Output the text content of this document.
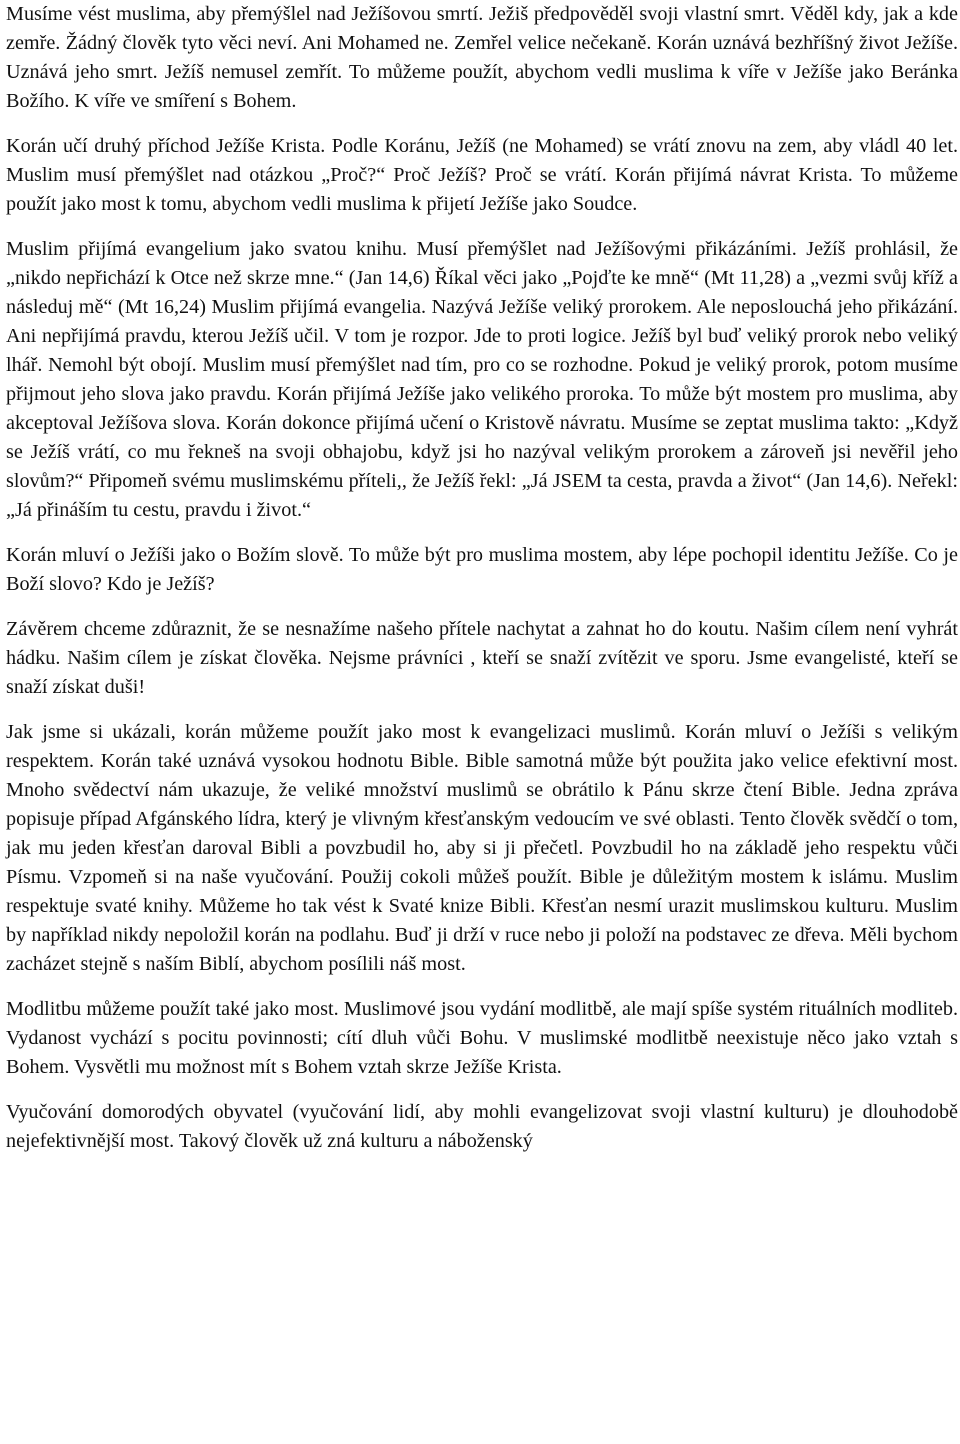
Musíme vést muslima, aby přemýšlel nad Ježíšovou smrtí. Ježiš předpověděl svoji vlastní smrt. Věděl kdy, jak a kde zemře. Žádný člověk tyto věci neví. Ani Mohamed ne. Zemřel velice nečekaně. Korán uznává bezhříšný život Ježíše. Uznává jeho smrt. Ježíš nemusel zemřít. To můžeme použít, abychom vedli muslima k víře v Ježíše jako Beránka Božího. K víře ve smíření s Bohem.

Korán učí druhý příchod Ježíše Krista. Podle Koránu, Ježíš (ne Mohamed) se vrátí znovu na zem, aby vládl 40 let. Muslim musí přemýšlet nad otázkou „Proč?“ Proč Ježíš? Proč se vrátí. Korán přijímá návrat Krista. To můžeme použít jako most k tomu, abychom vedli muslima k přijetí Ježíše jako Soudce.

Muslim přijímá evangelium jako svatou knihu. Musí přemýšlet nad Ježíšovými přikázáními. Ježíš prohlásil, že „nikdo nepřichází k Otce než skrze mne.“ (Jan 14,6) Říkal věci jako „Pojďte ke mně“ (Mt 11,28) a „vezmi svůj kříž a následuj mě“ (Mt 16,24) Muslim přijímá evangelia. Nazývá Ježíše veliký prorokem. Ale neposlouchá jeho přikázání. Ani nepřijímá pravdu, kterou Ježíš učil. V tom je rozpor. Jde to proti logice. Ježíš byl buď veliký prorok nebo veliký lhář. Nemohl být obojí. Muslim musí přemýšlet nad tím, pro co se rozhodne. Pokud je veliký prorok, potom musíme přijmout jeho slova jako pravdu. Korán přijímá Ježíše jako velikého proroka. To může být mostem pro muslima, aby akceptoval Ježíšova slova. Korán dokonce přijímá učení o Kristově návratu. Musíme se zeptat muslima takto: „Když se Ježíš vrátí, co mu řekneš na svoji obhajobu, když jsi ho nazýval velikým prorokem a zároveň jsi nevěřil jeho slovům?“ Připomeň svému muslimskému příteli,, že Ježíš řekl: „Já JSEM ta cesta, pravda a život“ (Jan 14,6). Neřekl: „Já přináším tu cestu, pravdu i život.“

Korán mluví o Ježíši jako o Božím slově. To může být pro muslima mostem, aby lépe pochopil identitu Ježíše. Co je Boží slovo? Kdo je Ježíš?

Závěrem chceme zdůraznit, že se nesnažíme našeho přítele nachytat a zahnat ho do koutu. Našim cílem není vyhrát hádku. Našim cílem je získat člověka. Nejsme právníci , kteří se snaží zvítězit ve sporu. Jsme evangelisté, kteří se snaží získat duši!

Jak jsme si ukázali, korán můžeme použít jako most k evangelizaci muslimů. Korán mluví o Ježíši s velikým respektem. Korán také uznává vysokou hodnotu Bible. Bible samotná může být použita jako velice efektivní most. Mnoho svědectví nám ukazuje, že veliké množství muslimů se obrátilo k Pánu skrze čtení Bible. Jedna zpráva popisuje případ Afgánského lídra, který je vlivným křesťanským vedoucím ve své oblasti. Tento člověk svědčí o tom, jak mu jeden křesťan daroval Bibli a povzbudil ho, aby si ji přečetl. Povzbudil ho na základě jeho respektu vůči Písmu. Vzpomeň si na naše vyučování. Použij cokoli můžeš použít. Bible je důležitým mostem k islámu. Muslim respektuje svaté knihy. Můžeme ho tak vést k Svaté knize Bibli. Křesťan nesmí urazit muslimskou kulturu. Muslim by například nikdy nepoložil korán na podlahu. Buď ji drží v ruce nebo ji položí na podstavec ze dřeva. Měli bychom zacházet stejně s naším Biblí, abychom posílili náš most.

Modlitbu můžeme použít také jako most. Muslimové jsou vydání modlitbě, ale mají spíše systém rituálních modliteb. Vydanost vychází s pocitu povinnosti; cítí dluh vůči Bohu. V muslimské modlitbě neexistuje něco jako vztah s Bohem. Vysvětli mu možnost mít s Bohem vztah skrze Ježíše Krista.

Vyučování domorodých obyvatel (vyučování lidí, aby mohli evangelizovat svoji vlastní kulturu) je dlouhodobě nejefektivnější most. Takový člověk už zná kulturu a náboženský
